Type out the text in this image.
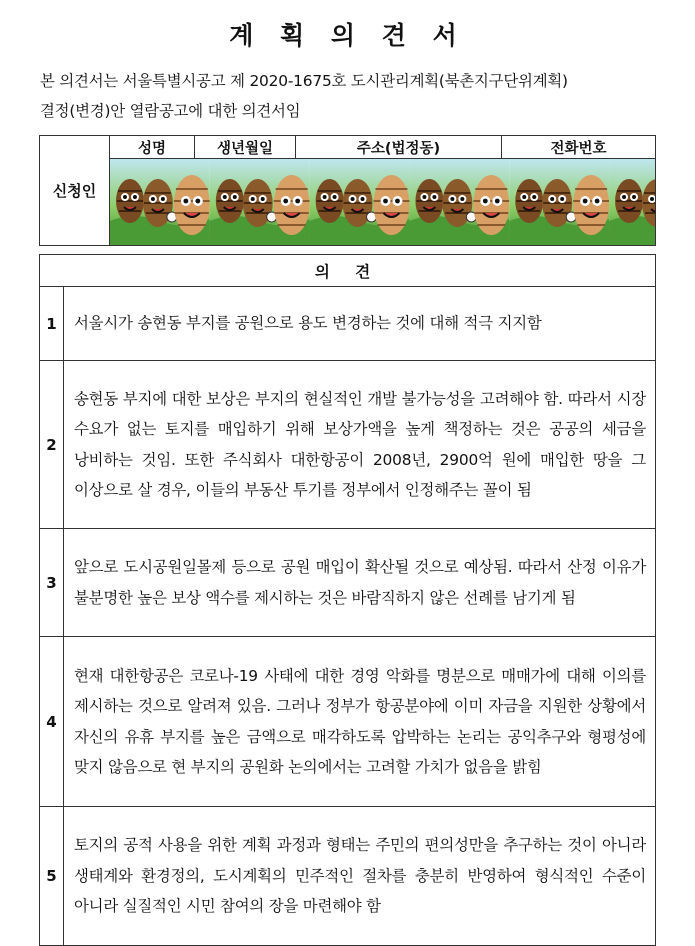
계 획 의 견 서
본 의견서는 서울특별시공고 제 2020-1675호 도시관리계획(북촌지구단위계획)
결정(변경)안 열람공고에 대한 의견서임
신청인	성명	생년월일	주소(법정동)	전화번호

의 견	
1	서울시가 송현동 부지를 공원으로 용도 변경하는 것에 대해 적극 지지함
2	송현동 부지에 대한 보상은 부지의 현실적인 개발 불가능성을 고려해야 함. 따라서 시장 수요가 없는 토지를 매입하기 위해 보상가액을 높게 책정하는 것은 공공의 세금을 낭비하는 것임. 또한 주식회사 대한항공이 2008년, 2900억 원에 매입한 땅을 그 이상으로 살 경우, 이들의 부동산 투기를 정부에서 인정해주는 꼴이 됨
3	앞으로 도시공원일몰제 등으로 공원 매입이 확산될 것으로 예상됨. 따라서 산정 이유가 불분명한 높은 보상 액수를 제시하는 것은 바람직하지 않은 선례를 남기게 됨
4	현재 대한항공은 코로나-19 사태에 대한 경영 악화를 명분으로 매매가에 대해 이의를 제시하는 것으로 알려져 있음. 그러나 정부가 항공분야에 이미 자금을 지원한 상황에서 자신의 유휴 부지를 높은 금액으로 매각하도록 압박하는 논리는 공익추구와 형평성에 맞지 않음으로 현 부지의 공원화 논의에서는 고려할 가치가 없음을 밝힘
5	토지의 공적 사용을 위한 계획 과정과 형태는 주민의 편의성만을 추구하는 것이 아니라 생태계와 환경정의, 도시계획의 민주적인 절차를 충분히 반영하여 형식적인 수준이 아니라 실질적인 시민 참여의 장을 마련해야 함
